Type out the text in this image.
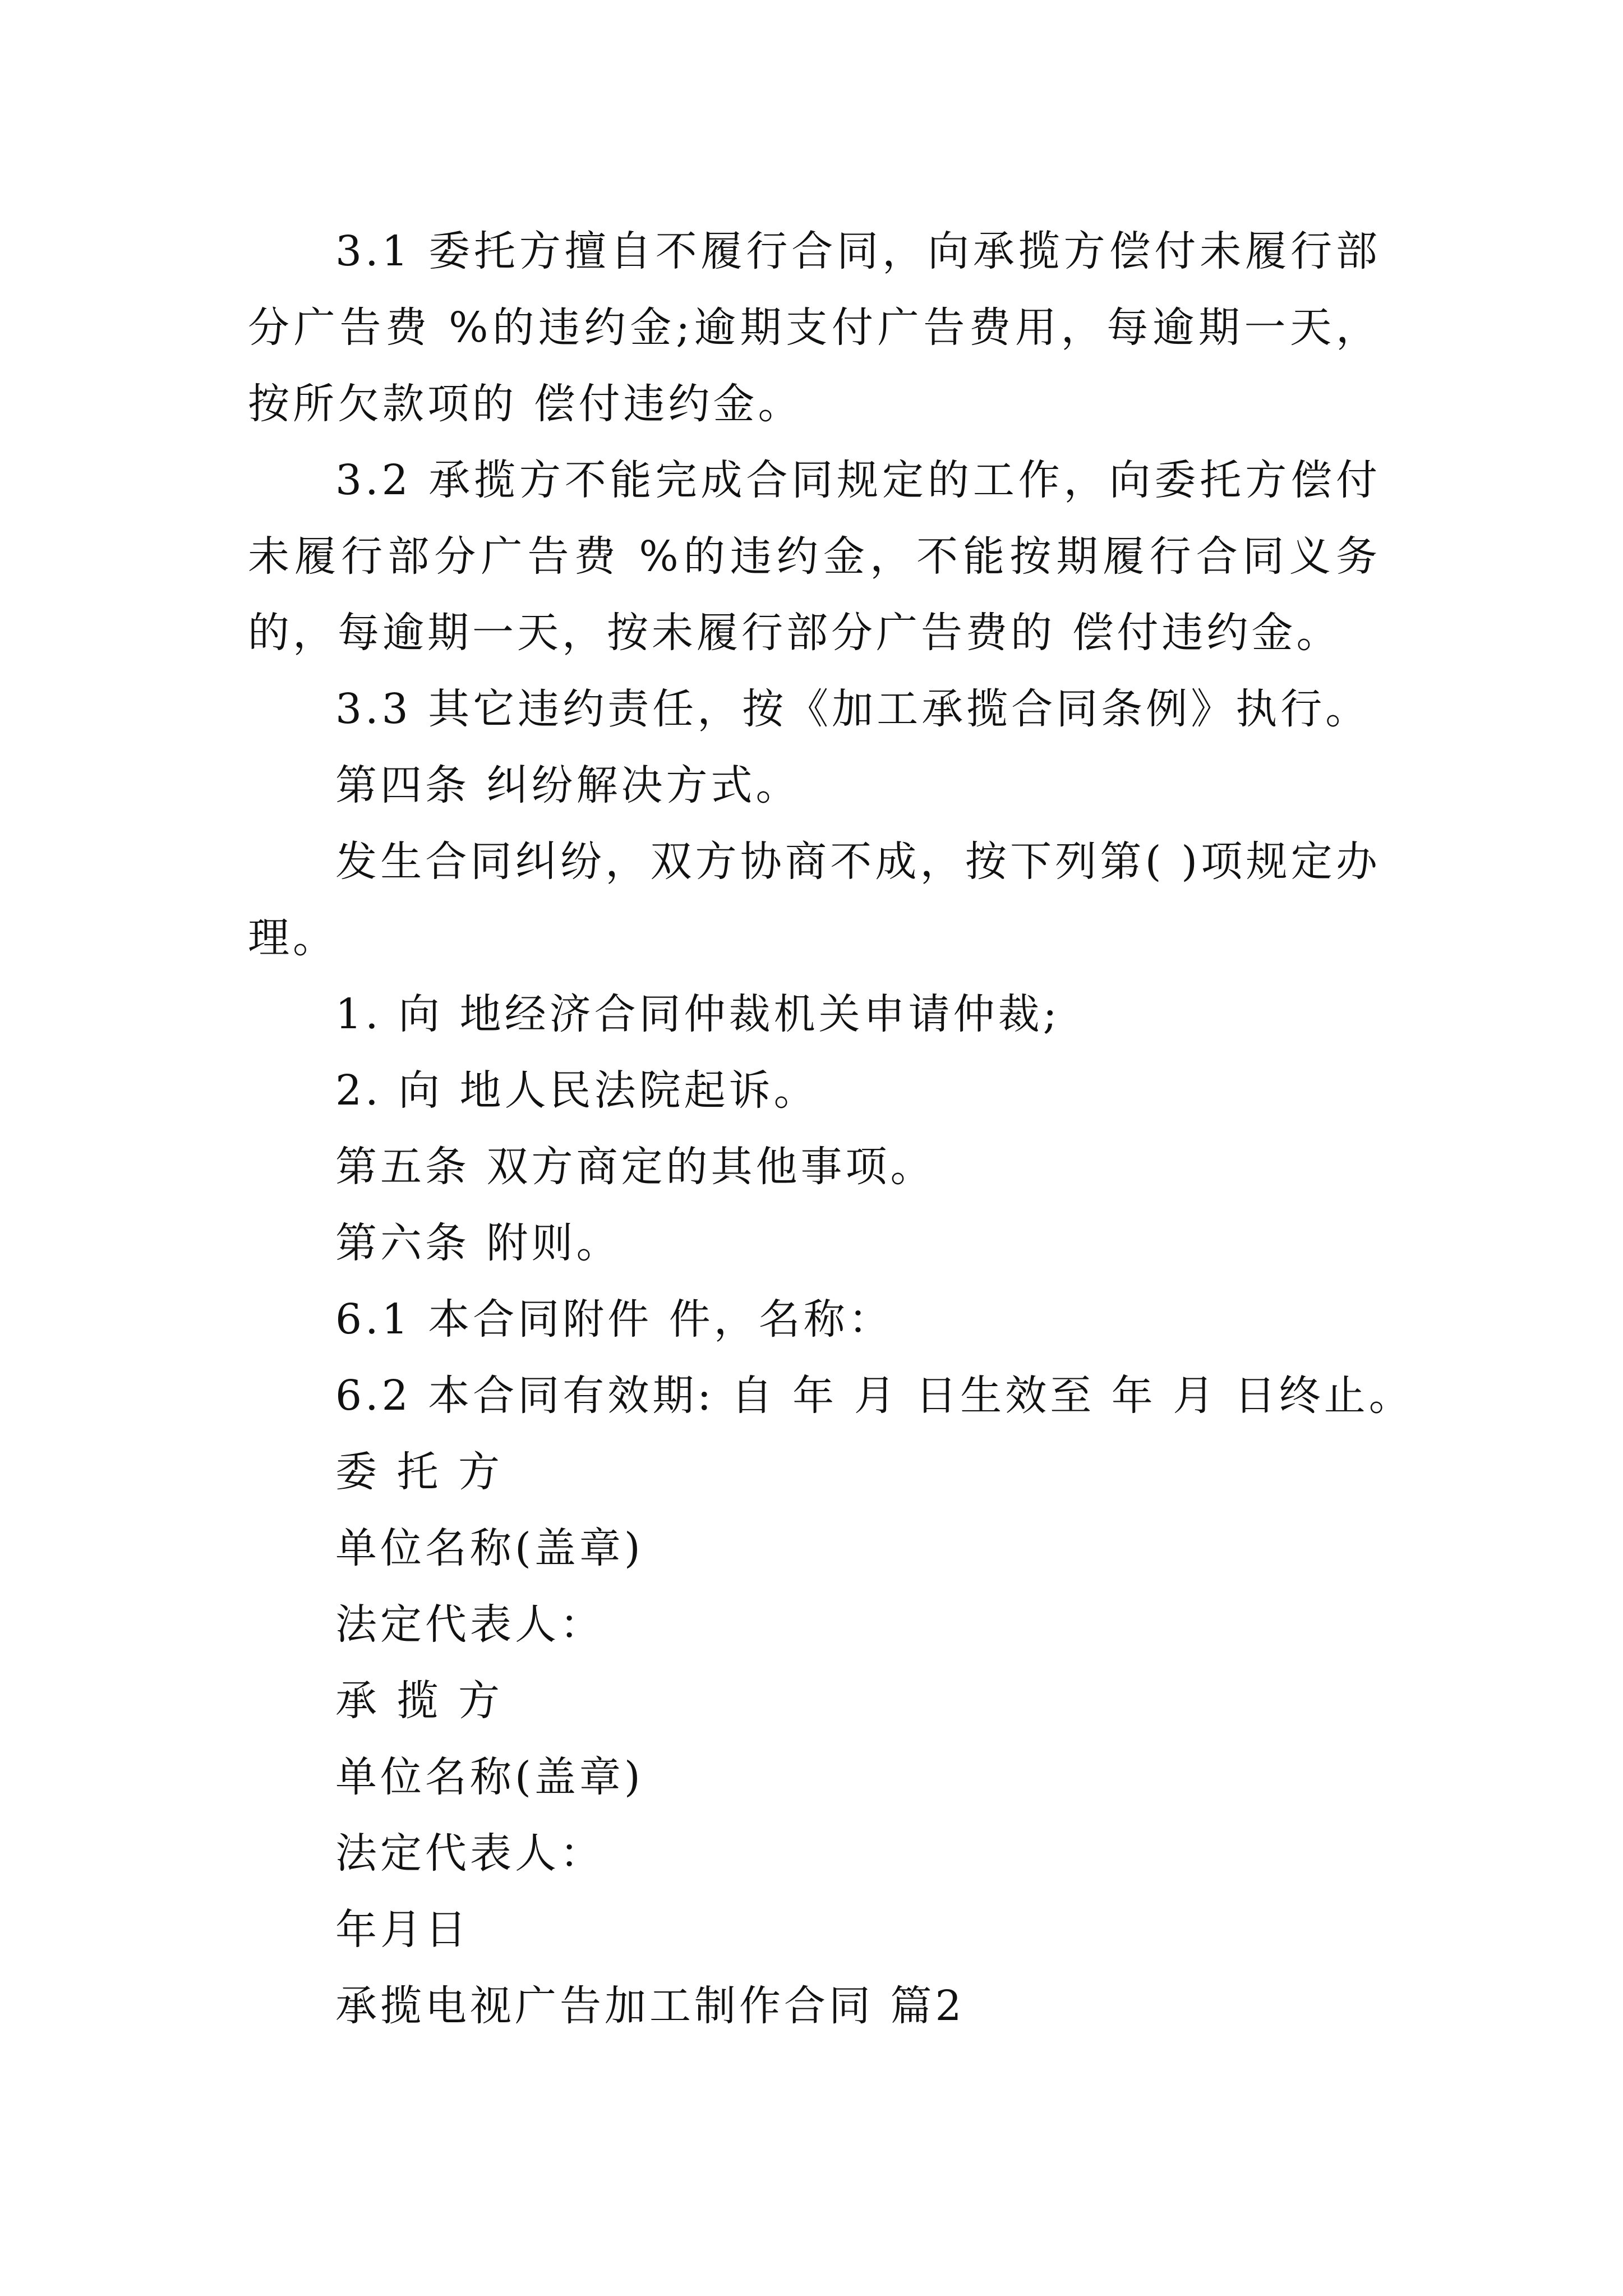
3.1 委托方擅自不履行合同，向承揽方偿付未履行部分广告费 %的违约金;逾期支付广告费用，每逾期一天，按所欠款项的 偿付违约金。

3.2 承揽方不能完成合同规定的工作，向委托方偿付未履行部分广告费 %的违约金，不能按期履行合同义务的，每逾期一天，按未履行部分广告费的 偿付违约金。

3.3 其它违约责任，按《加工承揽合同条例》执行。

第四条 纠纷解决方式。

发生合同纠纷，双方协商不成，按下列第( )项规定办理。

1. 向 地经济合同仲裁机关申请仲裁;

2. 向 地人民法院起诉。

第五条 双方商定的其他事项。

第六条 附则。

6.1 本合同附件 件，名称：

6.2 本合同有效期: 自 年 月 日生效至 年 月 日终止。

委 托 方

单位名称(盖章)

法定代表人：

承 揽 方

单位名称(盖章)

法定代表人：

年月日

承揽电视广告加工制作合同 篇2
